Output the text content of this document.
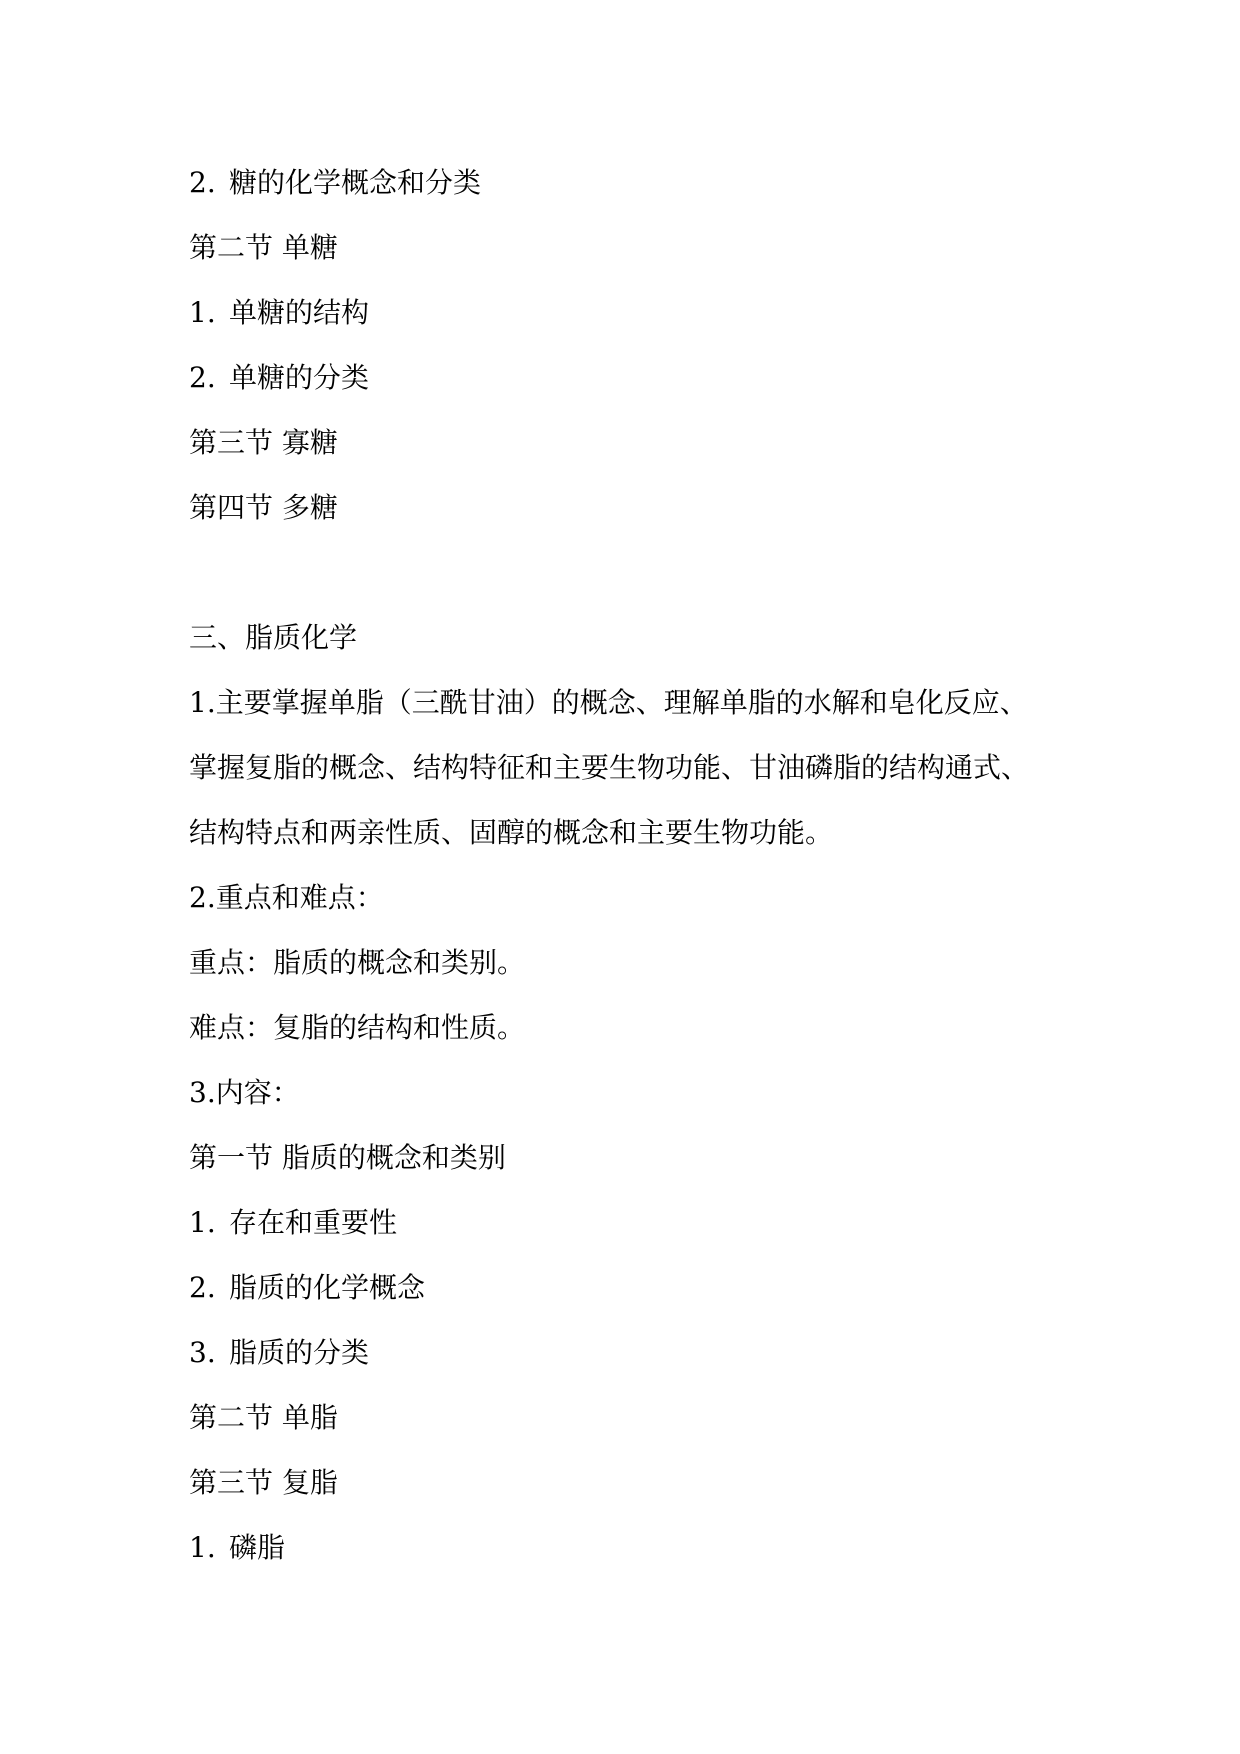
2. 糖的化学概念和分类
第二节 单糖
1. 单糖的结构
2. 单糖的分类
第三节 寡糖
第四节 多糖
三、脂质化学
1.主要掌握单脂（三酰甘油）的概念、理解单脂的水解和皂化反应、
掌握复脂的概念、结构特征和主要生物功能、甘油磷脂的结构通式、
结构特点和两亲性质、固醇的概念和主要生物功能。
2.重点和难点：
重点：脂质的概念和类别。
难点：复脂的结构和性质。
3.内容：
第一节 脂质的概念和类别
1. 存在和重要性
2. 脂质的化学概念
3. 脂质的分类
第二节 单脂
第三节 复脂
1. 磷脂
